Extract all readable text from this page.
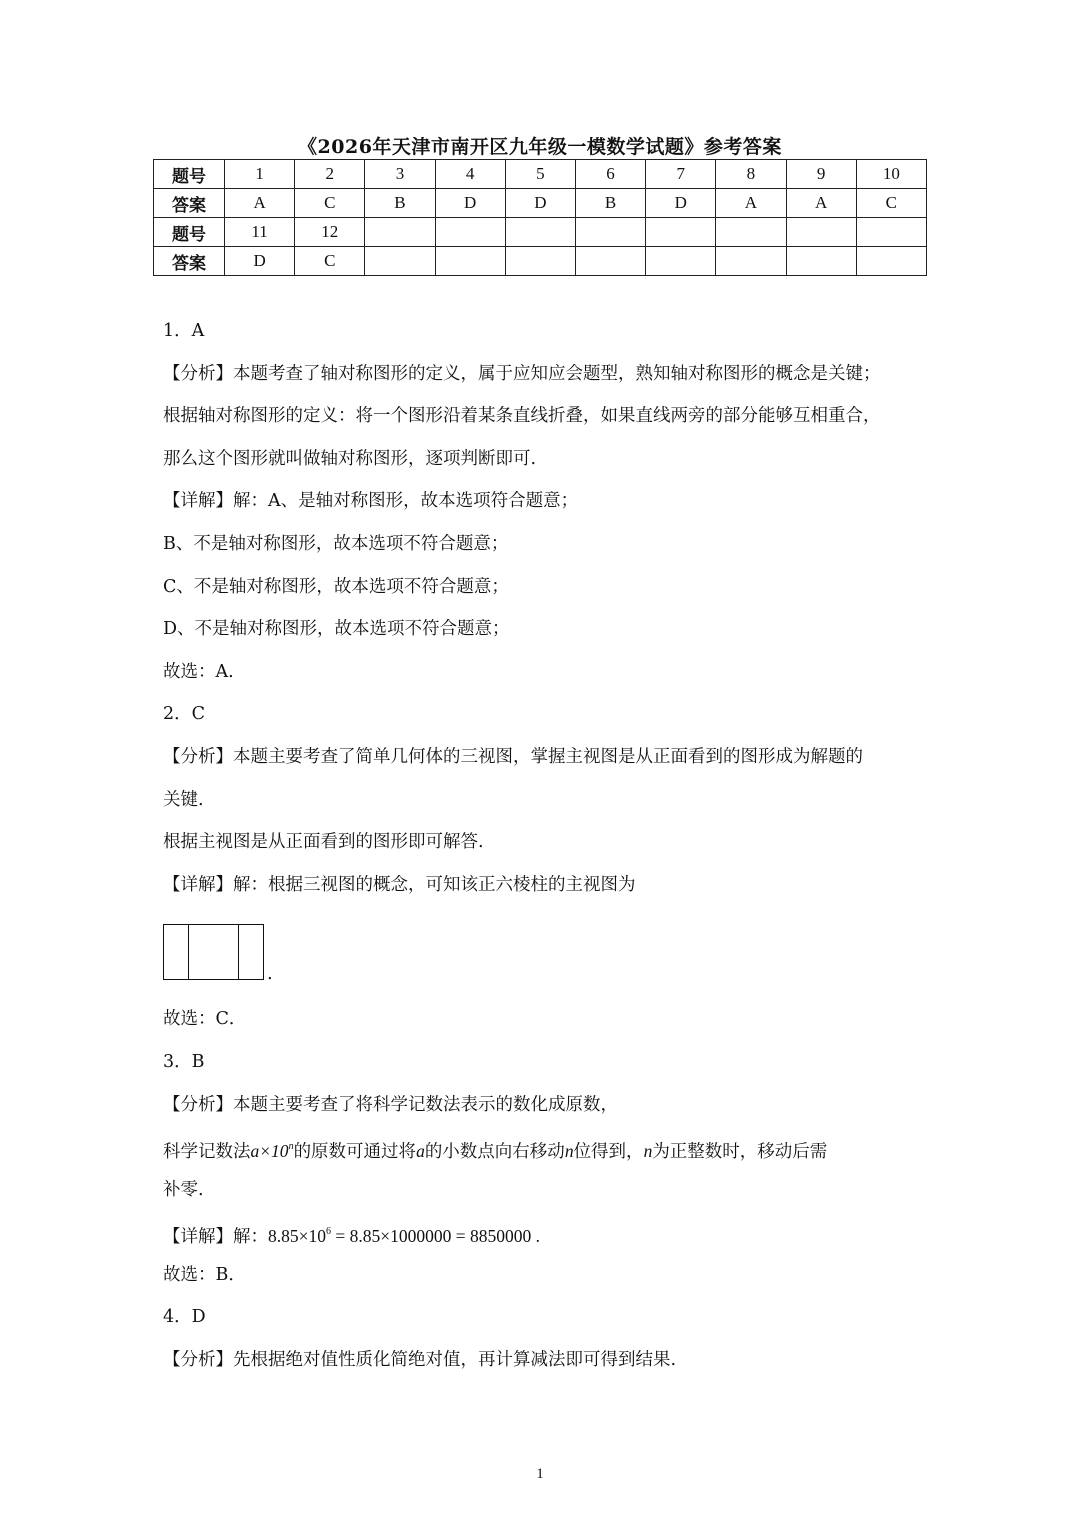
《2026年天津市南开区九年级一模数学试题》参考答案
题号	1	2	3	4	5	6	7	8	9	10
答案	A	C	B	D	D	B	D	A	A	C
题号	11	12								
答案	D	C								
1．A
【分析】本题考查了轴对称图形的定义，属于应知应会题型，熟知轴对称图形的概念是关键；
根据轴对称图形的定义：将一个图形沿着某条直线折叠，如果直线两旁的部分能够互相重合，
那么这个图形就叫做轴对称图形，逐项判断即可.
【详解】解：A、是轴对称图形，故本选项符合题意；
B、不是轴对称图形，故本选项不符合题意；
C、不是轴对称图形，故本选项不符合题意；
D、不是轴对称图形，故本选项不符合题意；
故选：A.
2．C
【分析】本题主要考查了简单几何体的三视图，掌握主视图是从正面看到的图形成为解题的
关键.
根据主视图是从正面看到的图形即可解答.
【详解】解：根据三视图的概念，可知该正六棱柱的主视图为
.
故选：C．
3．B
【分析】本题主要考查了将科学记数法表示的数化成原数，
科学记数法$a\times 10^n$的原数可通过将a的小数点向右移动n位得到，n为正整数时，移动后需
补零.
【详解】解：$8.85\times 10^6 = 8.85\times 1000000 = 8850000$ .
故选：B．
4．D
【分析】先根据绝对值性质化简绝对值，再计算减法即可得到结果.
1
